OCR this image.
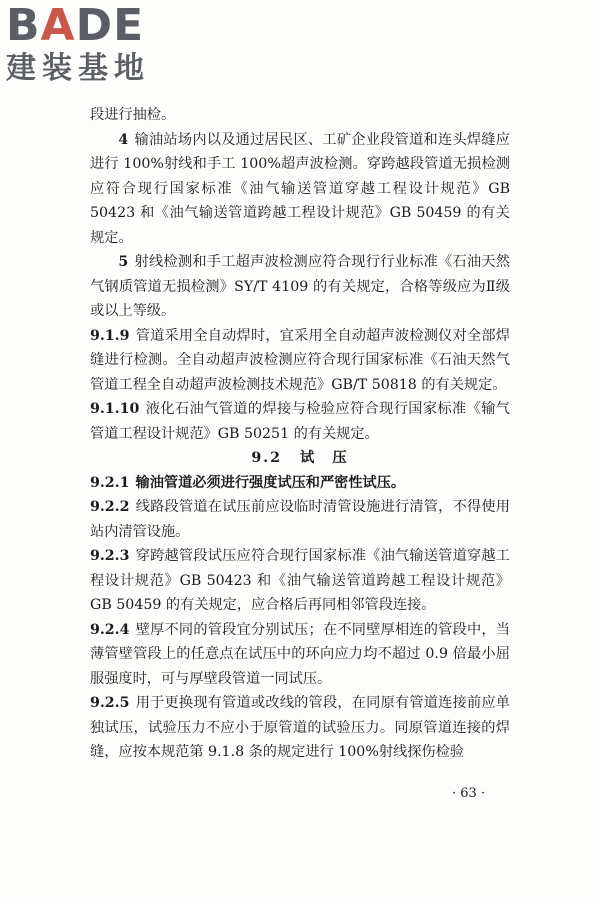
BADE
建装基地

段进行抽检。

4 输油站场内以及通过居民区、工矿企业段管道和连头焊缝应进行 100%射线和手工 100%超声波检测。穿跨越段管道无损检测应符合现行国家标准《油气输送管道穿越工程设计规范》GB 50423 和《油气输送管道跨越工程设计规范》GB 50459 的有关规定。

5 射线检测和手工超声波检测应符合现行行业标准《石油天然气钢质管道无损检测》SY/T 4109 的有关规定，合格等级应为Ⅱ级或以上等级。

9.1.9 管道采用全自动焊时，宜采用全自动超声波检测仪对全部焊缝进行检测。全自动超声波检测应符合现行国家标准《石油天然气管道工程全自动超声波检测技术规范》GB/T 50818 的有关规定。

9.1.10 液化石油气管道的焊接与检验应符合现行国家标准《输气管道工程设计规范》GB 50251 的有关规定。

9.2 试　压

9.2.1 输油管道必须进行强度试压和严密性试压。

9.2.2 线路段管道在试压前应设临时清管设施进行清管，不得使用站内清管设施。

9.2.3 穿跨越管段试压应符合现行国家标准《油气输送管道穿越工程设计规范》GB 50423 和《油气输送管道跨越工程设计规范》GB 50459 的有关规定，应合格后再同相邻管段连接。

9.2.4 壁厚不同的管段宜分别试压；在不同壁厚相连的管段中，当薄管壁管段上的任意点在试压中的环向应力均不超过 0.9 倍最小屈服强度时，可与厚壁段管道一同试压。

9.2.5 用于更换现有管道或改线的管段，在同原有管道连接前应单独试压，试验压力不应小于原管道的试验压力。同原管道连接的焊缝，应按本规范第 9.1.8 条的规定进行 100%射线探伤检验

· 63 ·
